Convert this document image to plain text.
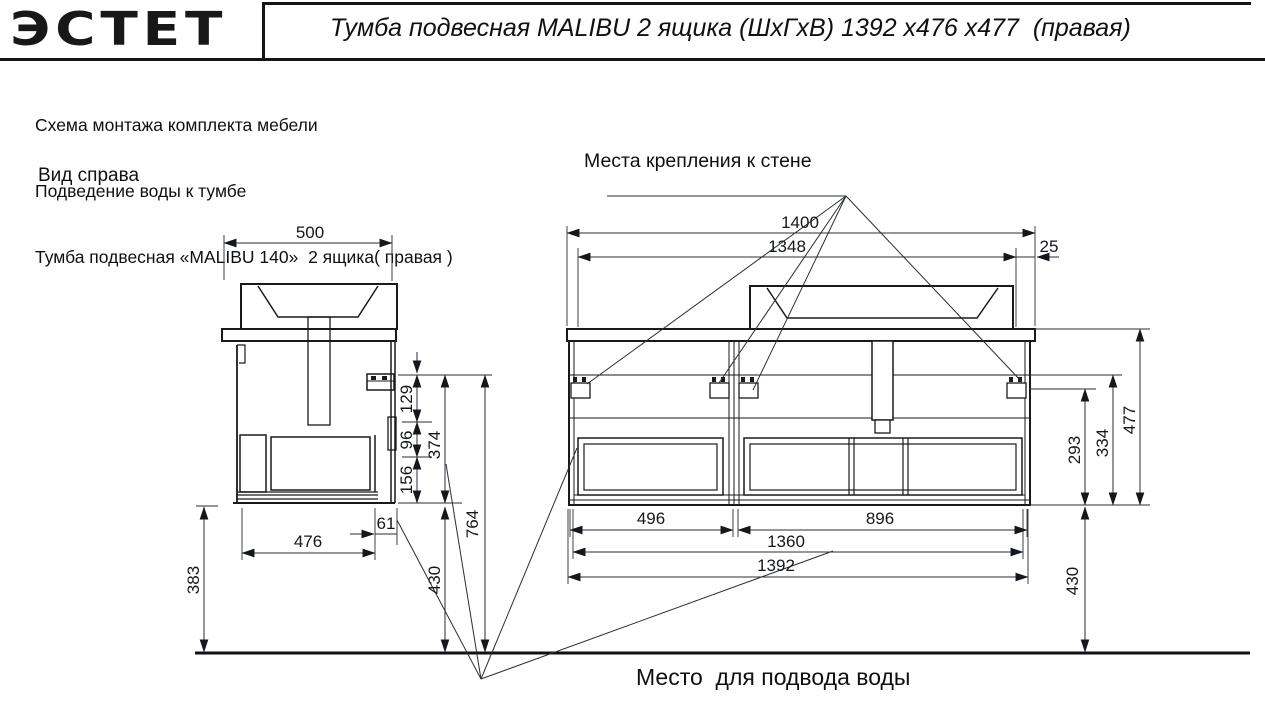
ЭСТЕТ	Тумба подвесная MALIBU 2 ящика (ШхГхВ) 1392 х476 х477  (правая)

Схема монтажа комплекта мебели

Подведение воды к тумбе

Тумба подвесная «MALIBU 140»  2 ящика( правая )

Вид справа
Места крепления к стене
Место  для подвода воды
500
129
96
156
374
764
430
383
476
61
1400
1348	25
496	896
1360
1392
293 334
477
430
